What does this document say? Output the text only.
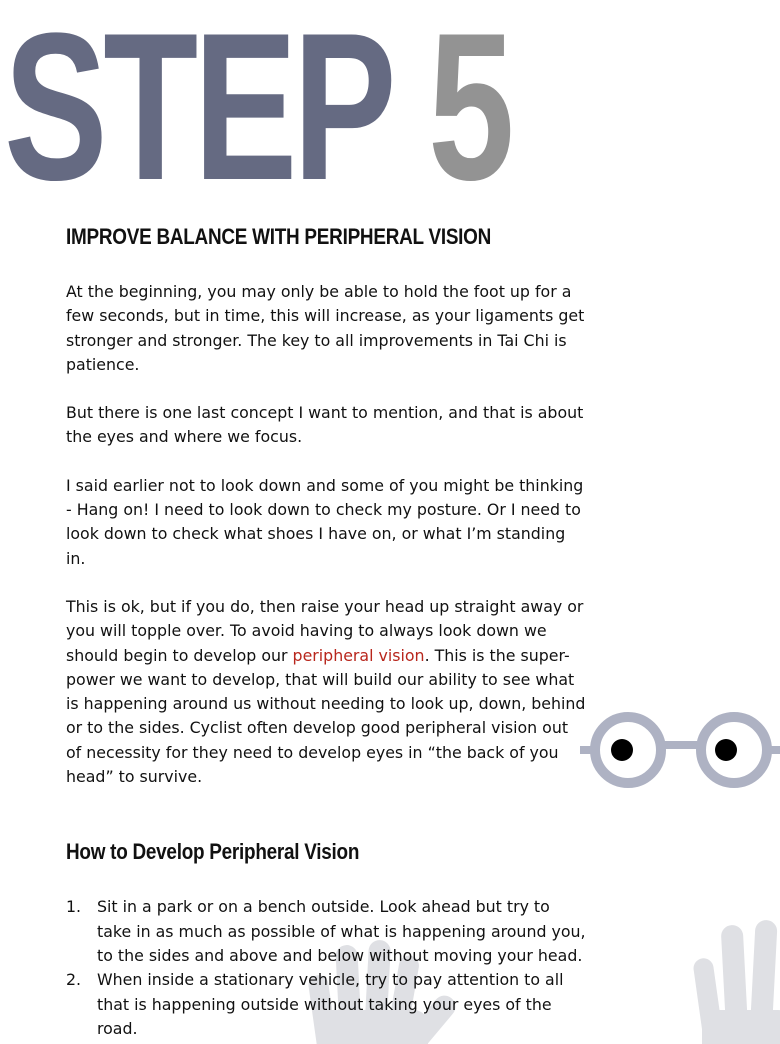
STEP 5
IMPROVE BALANCE WITH PERIPHERAL VISION

At the beginning, you may only be able to hold the foot up for a few seconds, but in time, this will increase, as your ligaments get stronger and stronger. The key to all improvements in Tai Chi is patience.

But there is one last concept I want to mention, and that is about the eyes and where we focus.

I said earlier not to look down and some of you might be thinking - Hang on! I need to look down to check my posture. Or I need to look down to check what shoes I have on, or what I’m standing in.

This is ok, but if you do, then raise your head up straight away or you will topple over. To avoid having to always look down we should begin to develop our peripheral vision. This is the super-power we want to develop, that will build our ability to see what is happening around us without needing to look up, down, behind or to the sides. Cyclist often develop good peripheral vision out of necessity for they need to develop eyes in “the back of you head” to survive.

How to Develop Peripheral Vision
1.	Sit in a park or on a bench outside. Look ahead but try to take in as much as possible of what is happening around you, to the sides and above and below without moving your head.
2.	When inside a stationary vehicle, try to pay attention to all that is happening outside without taking your eyes of the road.
